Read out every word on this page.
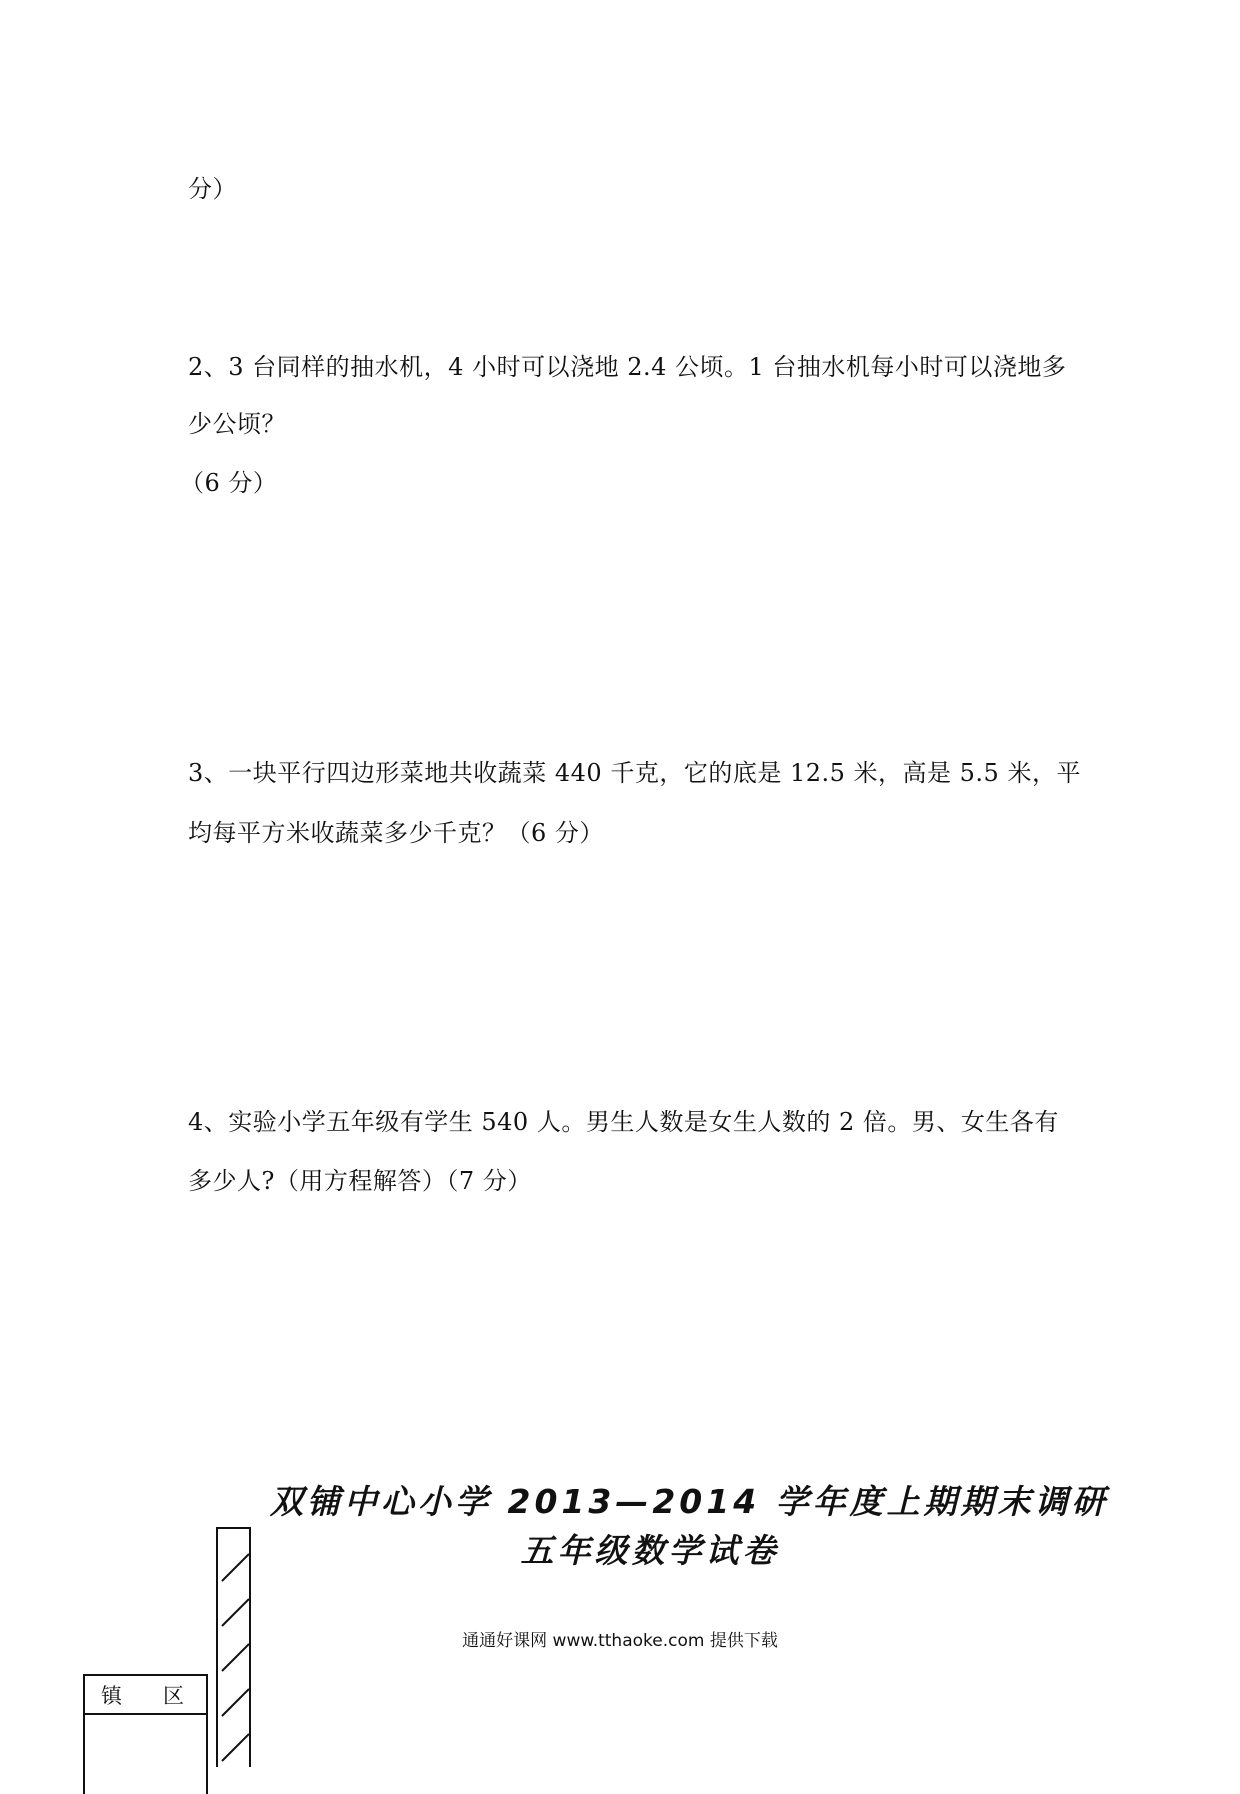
分）
2、3 台同样的抽水机，4 小时可以浇地 2.4 公顷。1 台抽水机每小时可以浇地多
少公顷？
（6 分）
3、一块平行四边形菜地共收蔬菜 440 千克，它的底是 12.5 米，高是 5.5 米，平
均每平方米收蔬菜多少千克？（6 分）
4、实验小学五年级有学生 540 人。男生人数是女生人数的 2 倍。男、女生各有
多少人?（用方程解答）（7 分）
双铺中心小学 2013—2014 学年度上期期末调研
五年级数学试卷
通通好课网 www.tthaoke.com 提供下载
镇 区
